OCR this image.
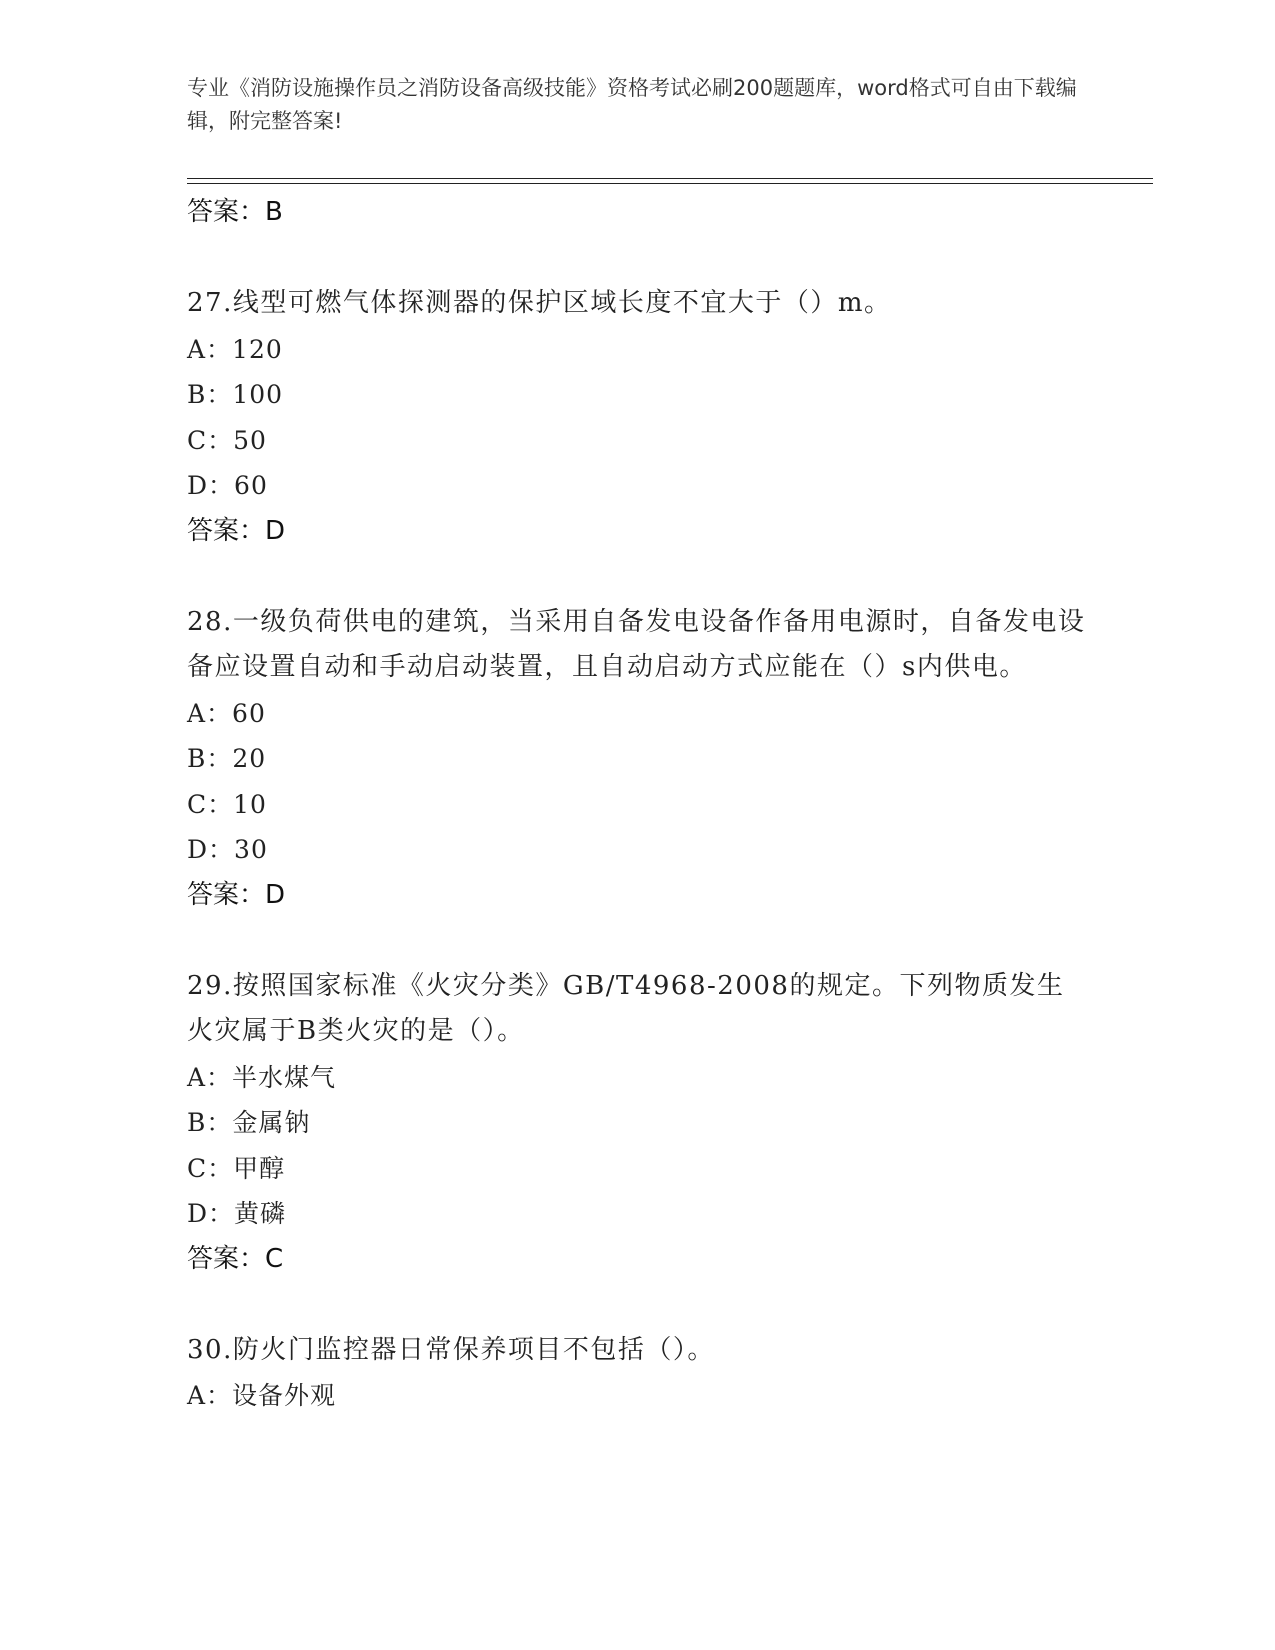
专业《消防设施操作员之消防设备高级技能》资格考试必刷200题题库，word格式可自由下载编辑，附完整答案!
答案：B
27.线型可燃气体探测器的保护区域长度不宜大于（）m。
A：120
B：100
C：50
D：60
答案：D
28.一级负荷供电的建筑，当采用自备发电设备作备用电源时，自备发电设备应设置自动和手动启动装置，且自动启动方式应能在（）s内供电。
A：60
B：20
C：10
D：30
答案：D
29.按照国家标准《火灾分类》GB/T4968-2008的规定。下列物质发生火灾属于B类火灾的是（）。
A：半水煤气
B：金属钠
C：甲醇
D：黄磷
答案：C
30.防火门监控器日常保养项目不包括（）。
A：设备外观
